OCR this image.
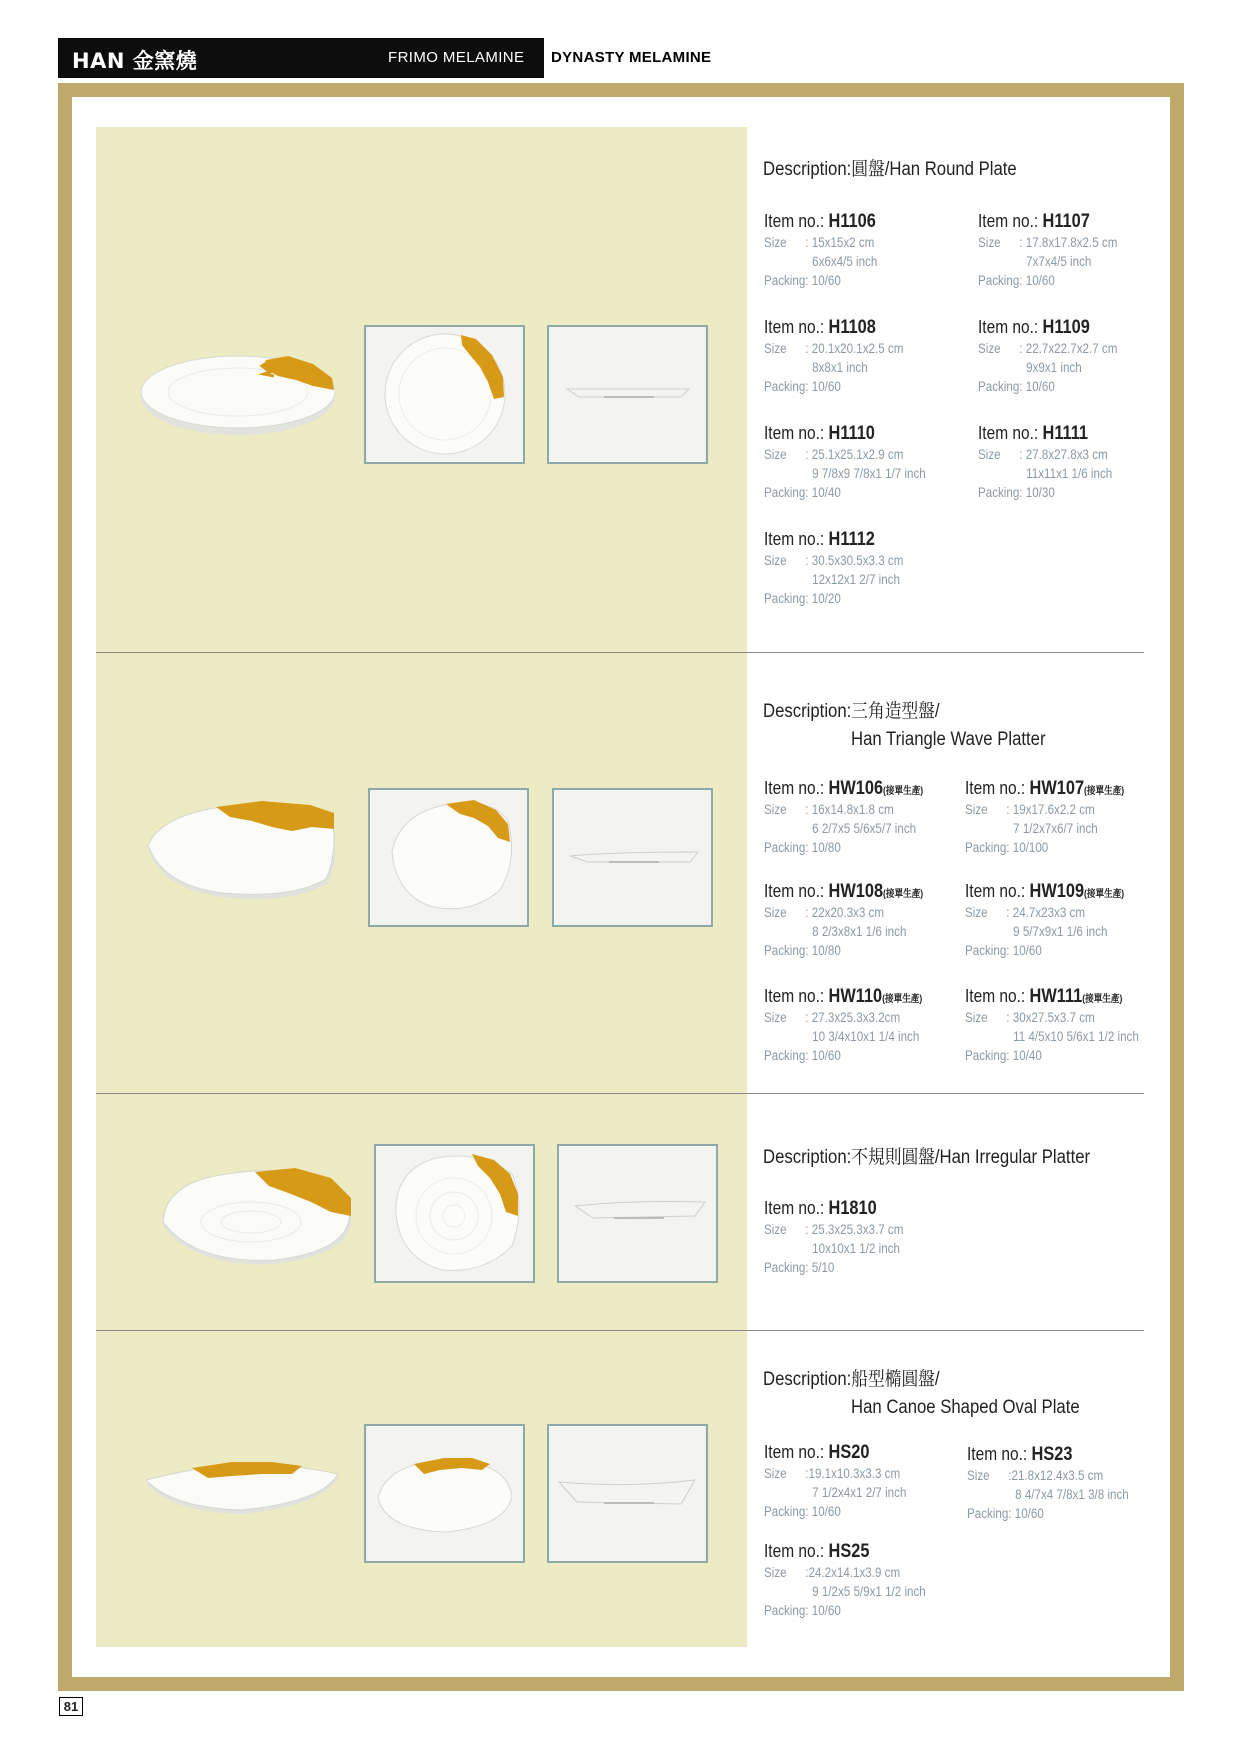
HAN 金窯燒	FRIMO MELAMINE DYNASTY MELAMINE
Description:圓盤/Han Round Plate
Item no.: H1106
Size : 15x15x2 cm
6x6x4/5 inch
Packing: 10/60
Item no.: H1107
Size : 17.8x17.8x2.5 cm
7x7x4/5 inch
Packing: 10/60
Item no.: H1108
Size : 20.1x20.1x2.5 cm
8x8x1 inch
Packing: 10/60
Item no.: H1109
Size : 22.7x22.7x2.7 cm
9x9x1 inch
Packing: 10/60
Item no.: H1110
Size : 25.1x25.1x2.9 cm
9 7/8x9 7/8x1 1/7 inch
Packing: 10/40
Item no.: H1111
Size : 27.8x27.8x3 cm
11x11x1 1/6 inch
Packing: 10/30
Item no.: H1112
Size : 30.5x30.5x3.3 cm
12x12x1 2/7 inch
Packing: 10/20
Description:三角造型盤/
Han Triangle Wave Platter
Item no.: HW106(接單生產)
Size : 16x14.8x1.8 cm
6 2/7x5 5/6x5/7 inch
Packing: 10/80
Item no.: HW107(接單生產)
Size : 19x17.6x2.2 cm
7 1/2x7x6/7 inch
Packing: 10/100
Item no.: HW108(接單生產)
Size : 22x20.3x3 cm
8 2/3x8x1 1/6 inch
Packing: 10/80
Item no.: HW109(接單生產)
Size : 24.7x23x3 cm
9 5/7x9x1 1/6 inch
Packing: 10/60
Item no.: HW110(接單生產)
Size : 27.3x25.3x3.2cm
10 3/4x10x1 1/4 inch
Packing: 10/60
Item no.: HW111(接單生產)
Size : 30x27.5x3.7 cm
11 4/5x10 5/6x1 1/2 inch
Packing: 10/40
Description:不規則圓盤/Han Irregular Platter
Item no.: H1810
Size : 25.3x25.3x3.7 cm
10x10x1 1/2 inch
Packing: 5/10
Description:船型橢圓盤/
Han Canoe Shaped Oval Plate
Item no.: HS20
Size :19.1x10.3x3.3 cm
7 1/2x4x1 2/7 inch
Packing: 10/60
Item no.: HS23
Size :21.8x12.4x3.5 cm
8 4/7x4 7/8x1 3/8 inch
Packing: 10/60
Item no.: HS25
Size :24.2x14.1x3.9 cm
9 1/2x5 5/9x1 1/2 inch
Packing: 10/60
81
